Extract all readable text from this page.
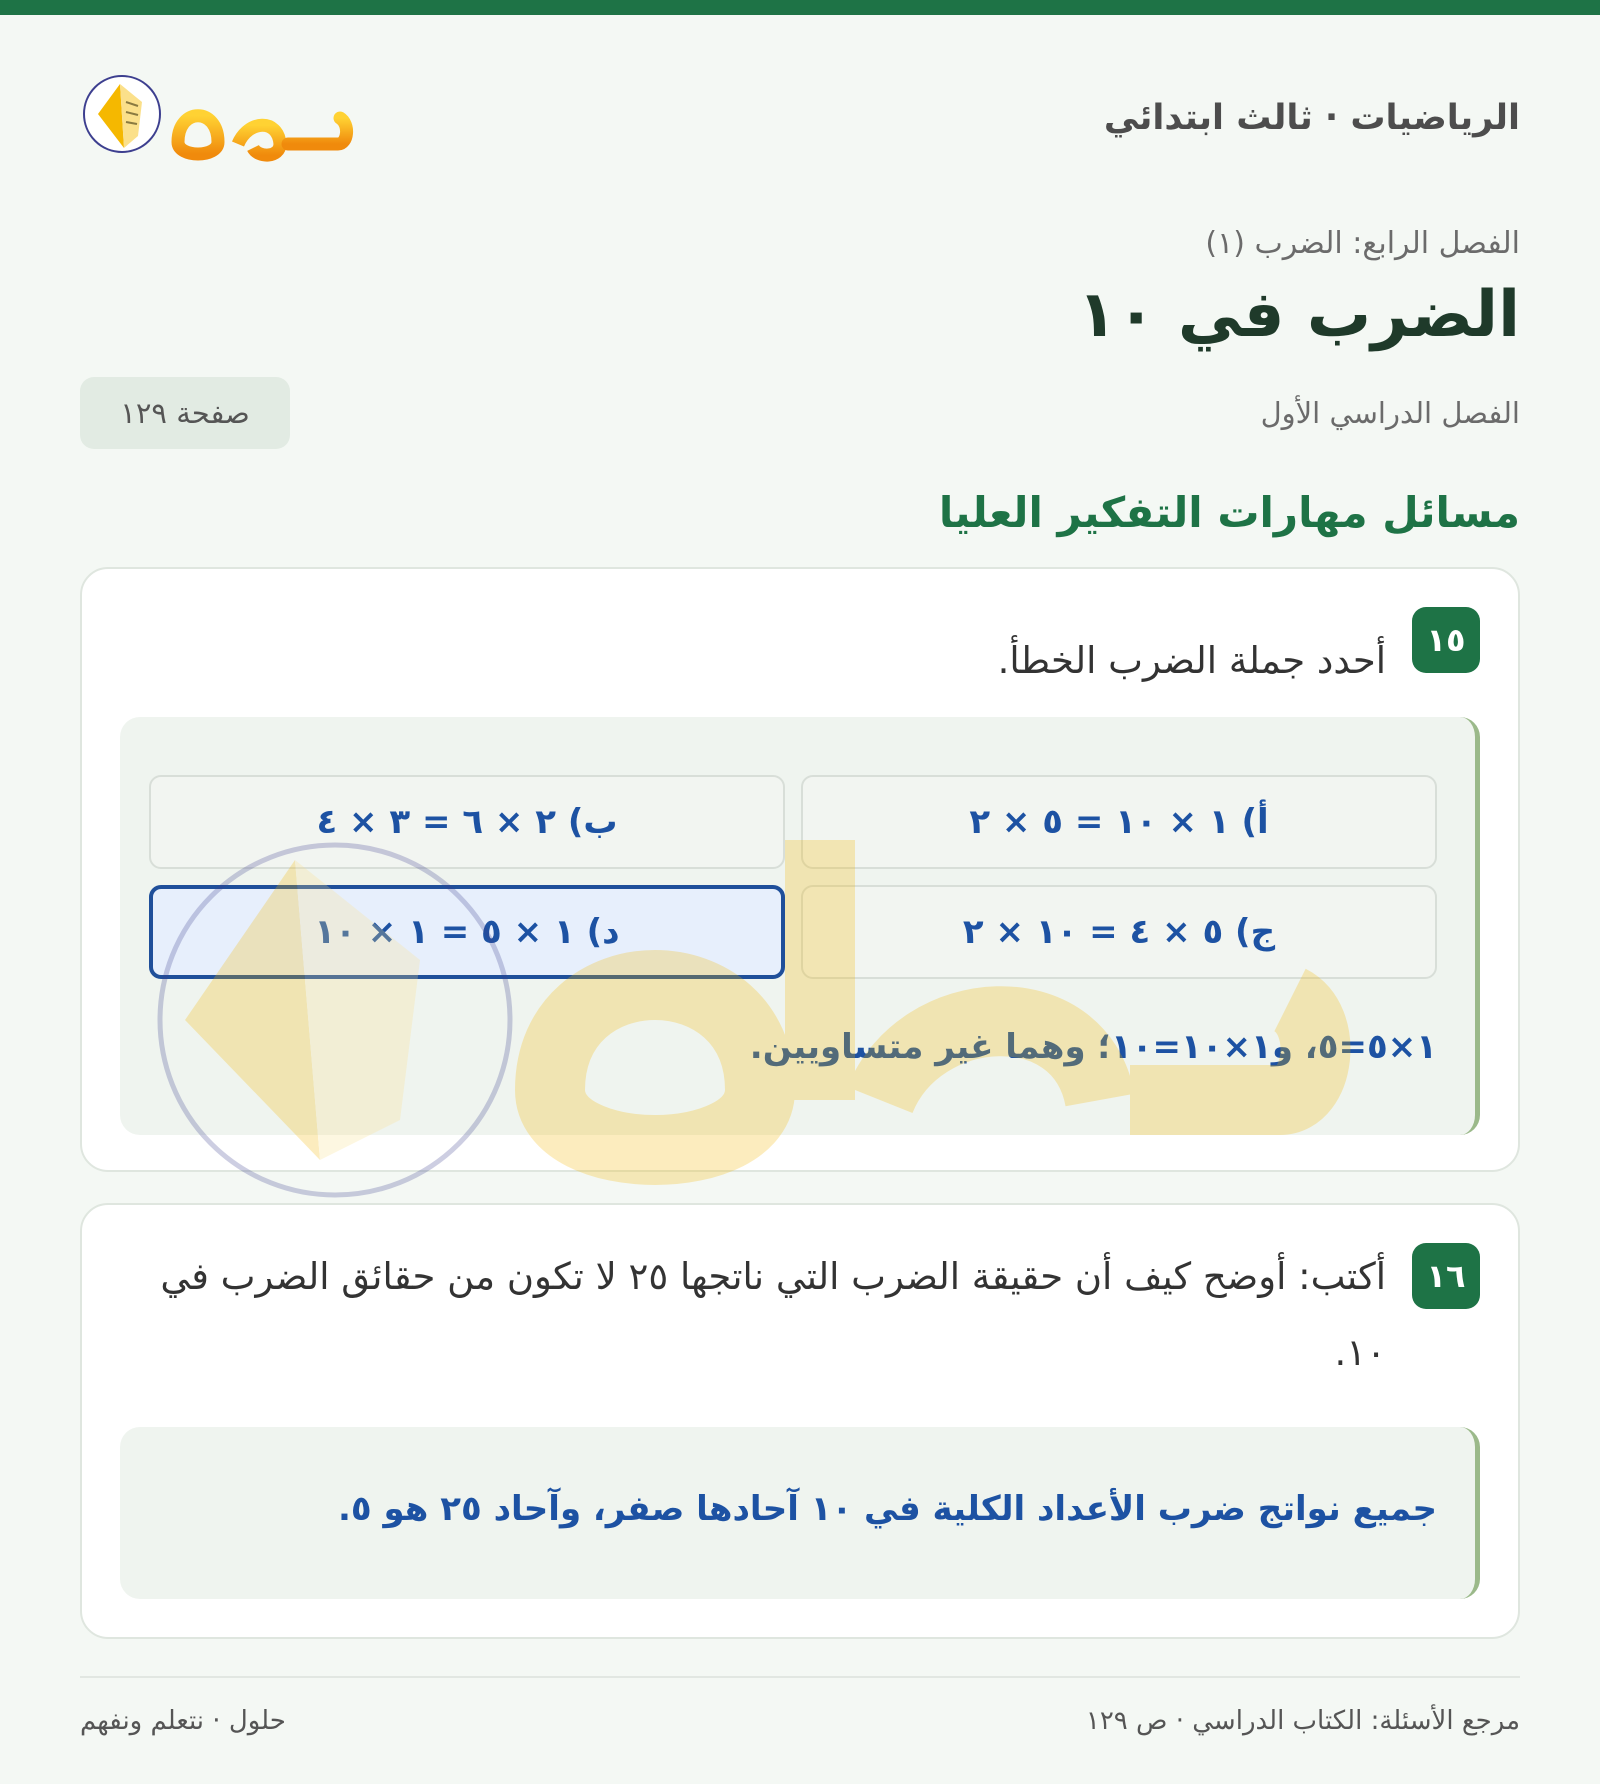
الرياضيات · ثالث ابتدائي
الفصل الرابع: الضرب (١)
الضرب في ١٠
الفصل الدراسي الأول
صفحة ١٢٩
مسائل مهارات التفكير العليا
١٥
أحدد جملة الضرب الخطأ.
أ) ١ × ١٠ = ٥ × ٢
ب) ٢ × ٦ = ٣ × ٤
ج) ٥ × ٤ = ١٠ × ٢
د) ١ × ٥ = ١ × ١٠
١×٥=٥، و١×١٠=١٠؛ وهما غير متساويين.
١٦
أكتب: أوضح كيف أن حقيقة الضرب التي ناتجها ٢٥ لا تكون من حقائق الضرب في ١٠.
جميع نواتج ضرب الأعداد الكلية في ١٠ آحادها صفر، وآحاد ٢٥ هو ٥.
مرجع الأسئلة: الكتاب الدراسي · ص ١٢٩
حلول · نتعلم ونفهم
